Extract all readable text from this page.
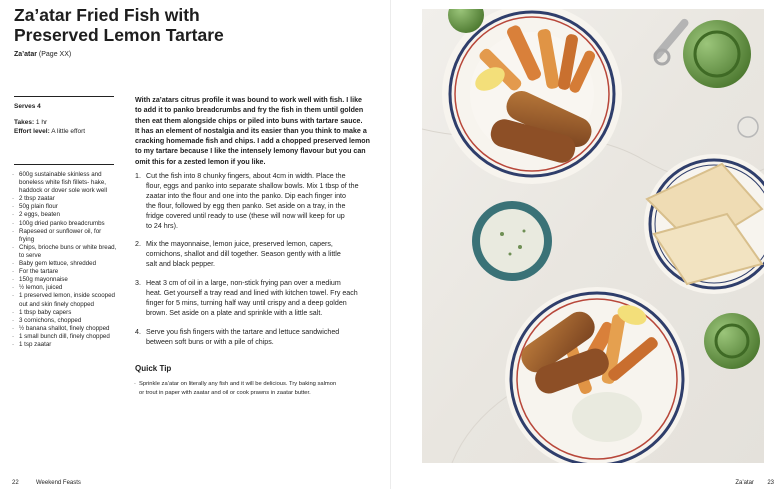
Za’atar Fried Fish with
Preserved Lemon Tartare
Za’atar (Page XX)
Serves 4
Takes: 1 hr
Effort level: A little effort
· 600g sustainable skinless and boneless white fish fillets- hake, haddock or dover sole work well
· 2 tbsp zaatar
· 50g plain flour
· 2 eggs, beaten
· 100g dried panko breadcrumbs
· Rapeseed or sunflower oil, for frying
· Chips, brioche buns or white bread, to serve
· Baby gem lettuce, shredded
· For the tartare
· 150g mayonnaise
· ½ lemon, juiced
· 1 preserved lemon, inside scooped out and skin finely chopped
· 1 tbsp baby capers
· 3 cornichons, chopped
· ½ banana shallot, finely chopped
· 1 small bunch dill, finely chopped
· 1 tsp zaatar

With za’atars citrus profile it was bound to work well with fish. I like
to add it to panko breadcrumbs and fry the fish in them until golden
then eat them alongside chips or piled into buns with tartare sauce.
It has an element of nostalgia and its easier than you think to make a
cracking homemade fish and chips. I add a chopped preserved lemon
to my tartare because I like the intensely lemony flavour but you can
omit this for a zested lemon if you like.

1. Cut the fish into 8 chunky fingers, about 4cm in width. Place the
flour, eggs and panko into separate shallow bowls. Mix 1 tbsp of the
zaatar into the flour and one into the panko. Dip each finger into
the flour, followed by egg then panko. Set aside on a tray, in the
fridge covered until ready to use (these will now will keep for up
to 24 hrs).
2. Mix the mayonnaise, lemon juice, preserved lemon, capers,
cornichons, shallot and dill together. Season gently with a little
salt and black pepper.
3. Heat 3 cm of oil in a large, non-stick frying pan over a medium
heat. Get yourself a tray read and lined with kitchen towel. Fry each
finger for 5 mins, turning half way until crispy and a deep golden
brown. Set aside on a plate and sprinkle with a little salt.
4. Serve you fish fingers with the tartare and lettuce sandwiched
between soft buns or with a pile of chips.
Quick Tip
· Sprinkle za’atar on literally any fish and it will be delicious. Try baking salmon
or trout in paper with zaatar and oil or cook prawns in zaatar butter.
22	Weekend Feasts	Za’atar 23
